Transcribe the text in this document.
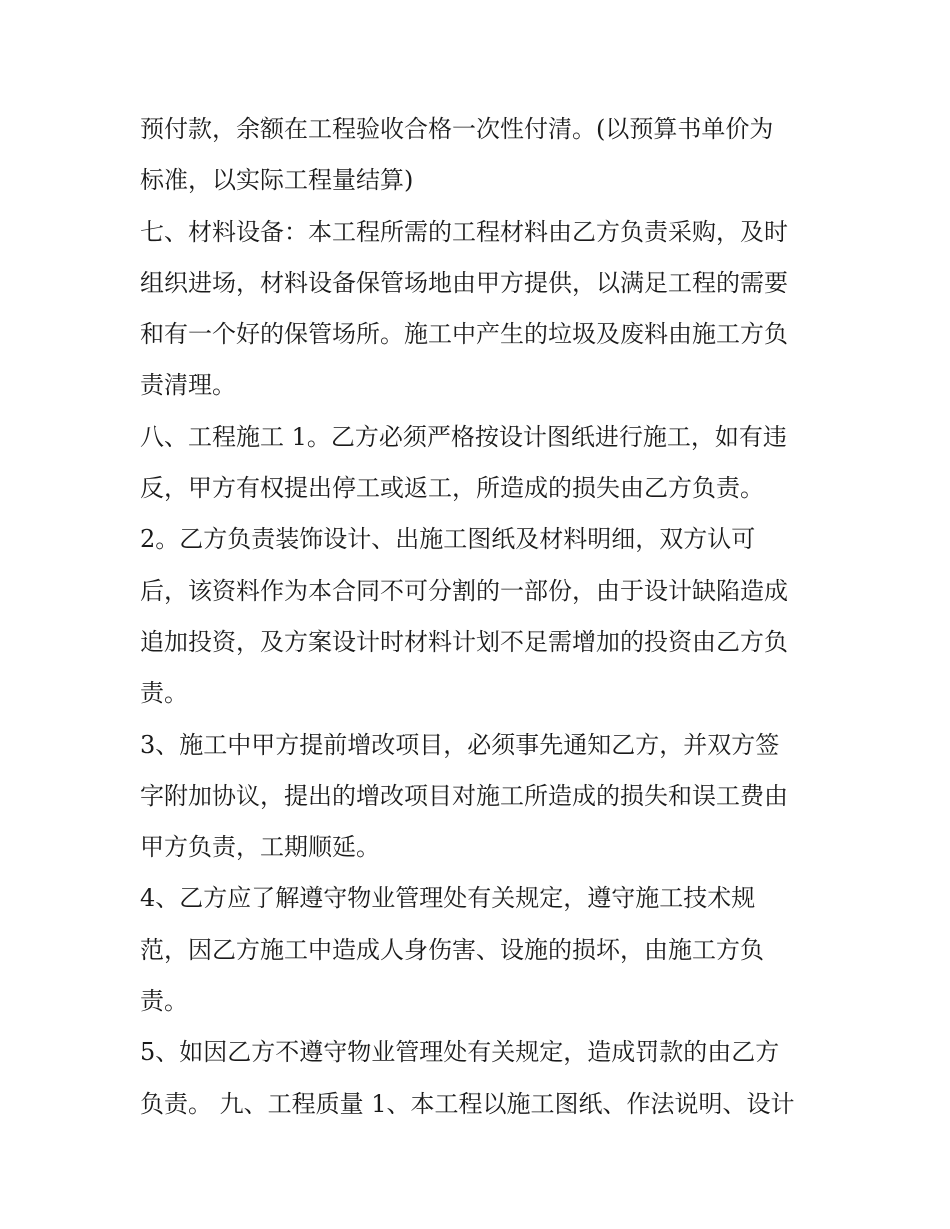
预付款，余额在工程验收合格一次性付清。(以预算书单价为
标准，以实际工程量结算)
七、材料设备：本工程所需的工程材料由乙方负责采购，及时
组织进场，材料设备保管场地由甲方提供，以满足工程的需要
和有一个好的保管场所。施工中产生的垃圾及废料由施工方负
责清理。
八、工程施工 1。乙方必须严格按设计图纸进行施工，如有违
反，甲方有权提出停工或返工，所造成的损失由乙方负责。
2。乙方负责装饰设计、出施工图纸及材料明细，双方认可
后，该资料作为本合同不可分割的一部份，由于设计缺陷造成
追加投资，及方案设计时材料计划不足需增加的投资由乙方负
责。
3、施工中甲方提前增改项目，必须事先通知乙方，并双方签
字附加协议，提出的增改项目对施工所造成的损失和误工费由
甲方负责，工期顺延。
4、乙方应了解遵守物业管理处有关规定，遵守施工技术规
范，因乙方施工中造成人身伤害、设施的损坏，由施工方负
责。
5、如因乙方不遵守物业管理处有关规定，造成罚款的由乙方
负责。 九、工程质量 1、本工程以施工图纸、作法说明、设计
